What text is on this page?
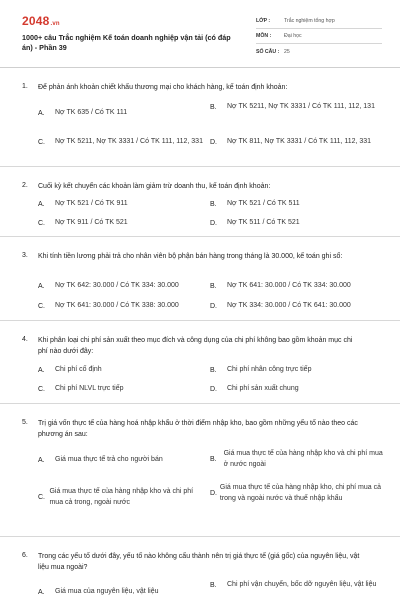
2048.vn
1000+ câu Trắc nghiệm Kế toán doanh nghiệp vận tải (có đáp án) - Phần 39
LỚP :	Trắc nghiệm tổng hợp
MÔN :	Đại học
SỐ CÂU : 25
1.	Để phản ánh khoản chiết khấu thương mại cho khách hàng, kế toán định khoản:
A.	Nợ TK 635 / Có TK 111
B.	Nợ TK 5211, Nợ TK 3331 / Có TK 111, 112, 131
C.	Nợ TK 5211, Nợ TK 3331 / Có TK 111, 112, 331 D.	Nợ TK 811, Nợ TK 3331 / Có TK 111, 112, 331
2.	Cuối kỳ kết chuyển các khoản làm giảm trừ doanh thu, kế toán định khoản:
A.	Nợ TK 521 / Có TK 911	B.	Nợ TK 521 / Có TK 511
C.	Nợ TK 911 / Có TK 521	D.	Nợ TK 511 / Có TK 521
3.	Khi tính tiền lương phải trả cho nhân viên bộ phận bán hàng trong tháng là 30.000, kế toán ghi sổ:
A.	Nợ TK 642: 30.000 / Có TK 334: 30.000	B.	Nợ TK 641: 30.000 / Có TK 334: 30.000
C.	Nợ TK 641: 30.000 / Có TK 338: 30.000	D.	Nợ TK 334: 30.000 / Có TK 641: 30.000
4.	Khi phân loại chi phí sản xuất theo mục đích và công dụng của chi phí không bao gồm khoản mục chi phí nào dưới đây:
A.	Chi phí cố định	B.	Chi phí nhân công trực tiếp
C.	Chi phí NLVL trực tiếp	D.	Chi phí sản xuất chung
5.	Trị giá vốn thực tế của hàng hoá nhập khẩu ở thời điểm nhập kho, bao gồm những yếu tố nào theo các phương án sau:
A.	Giá mua thực tế trả cho người bán	B.
Giá mua thực tế của hàng nhập kho và chi phí mua ở nước ngoài
C.
Giá mua thực tế của hàng nhập kho và chi phí mua cả trong, ngoài nước
D.
Giá mua thực tế của hàng nhập kho, chi phí mua cả trong và ngoài nước và thuế nhập khẩu
6.	Trong các yếu tố dưới đây, yếu tố nào không cấu thành nên trị giá thực tế (giá gốc) của nguyên liệu, vật liệu mua ngoài?
A.	Giá mua của nguyên liệu, vật liệu
B.	Chi phí vận chuyển, bốc dỡ nguyên liệu, vật liệu
